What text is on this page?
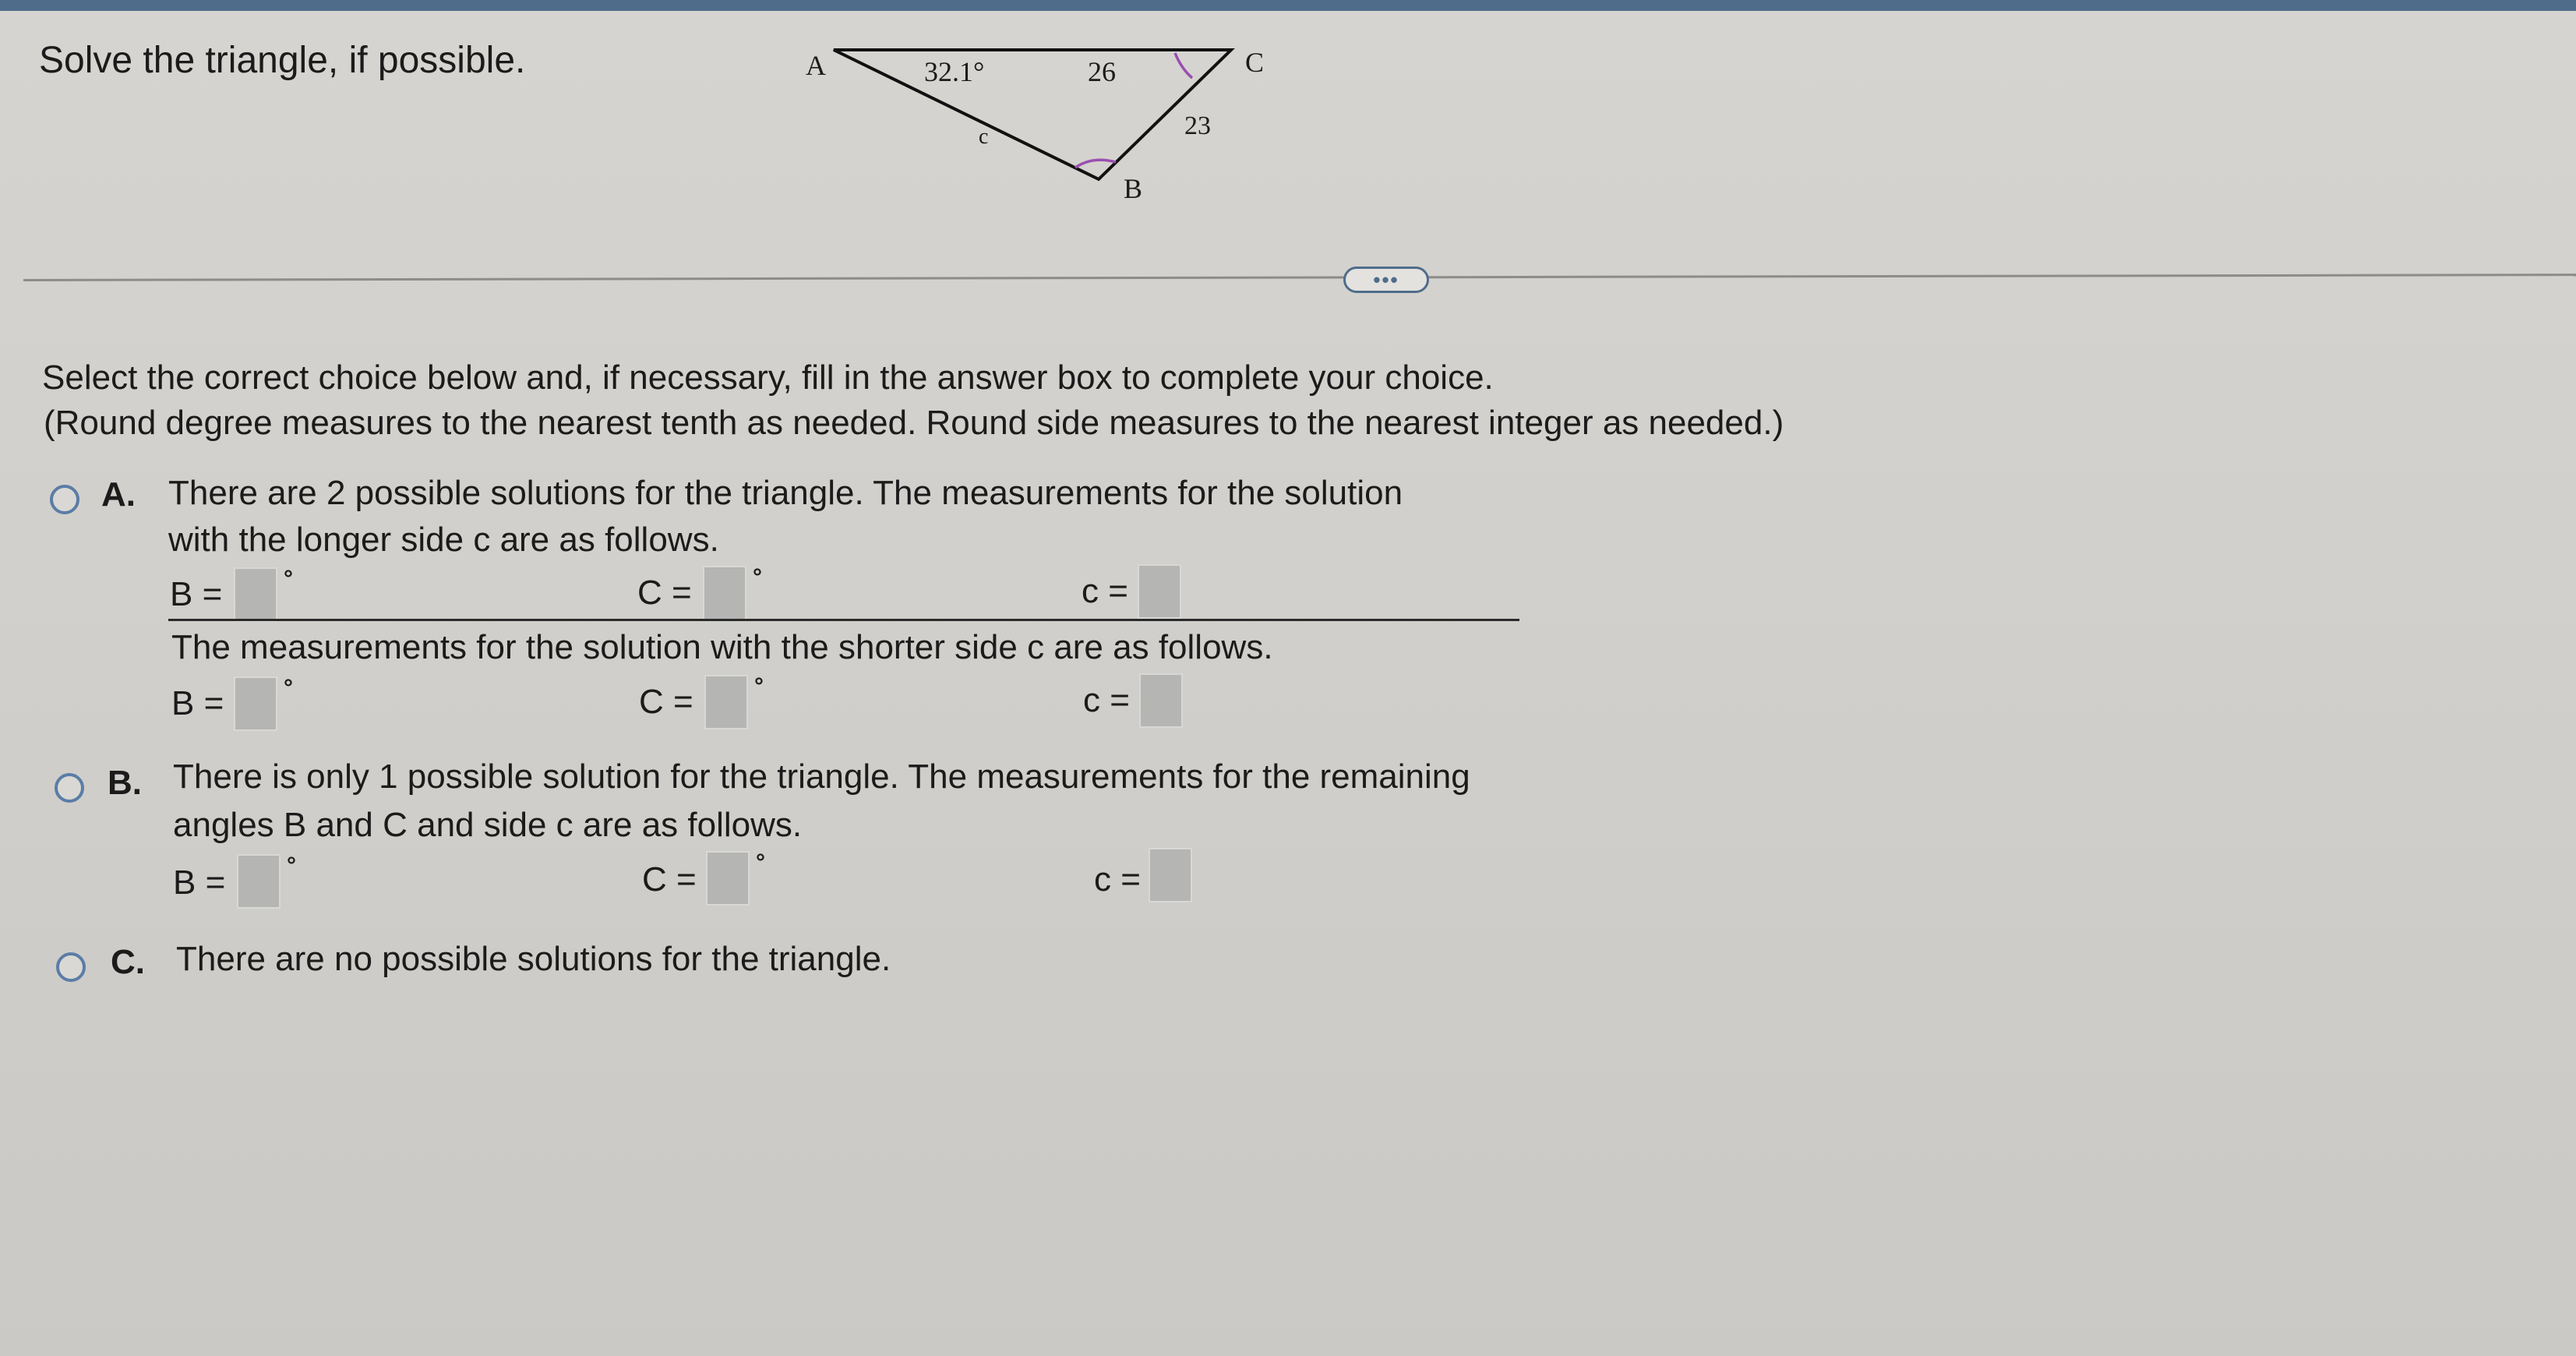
Solve the triangle, if possible.	A	C
B
32.1°	26
23
c
•••
Select the correct choice below and, if necessary, fill in the answer box to complete your choice.
(Round degree measures to the nearest tenth as needed. Round side measures to the nearest integer as needed.)
A. There are 2 possible solutions for the triangle. The measurements for the solution
with the longer side c are as follows.
B =	°	C =	°	c =
The measurements for the solution with the shorter side c are as follows.
B =	°	C =	°	c =
B. There is only 1 possible solution for the triangle. The measurements for the remaining
angles B and C and side c are as follows.
B =	°	C =	°	c =
C. There are no possible solutions for the triangle.
